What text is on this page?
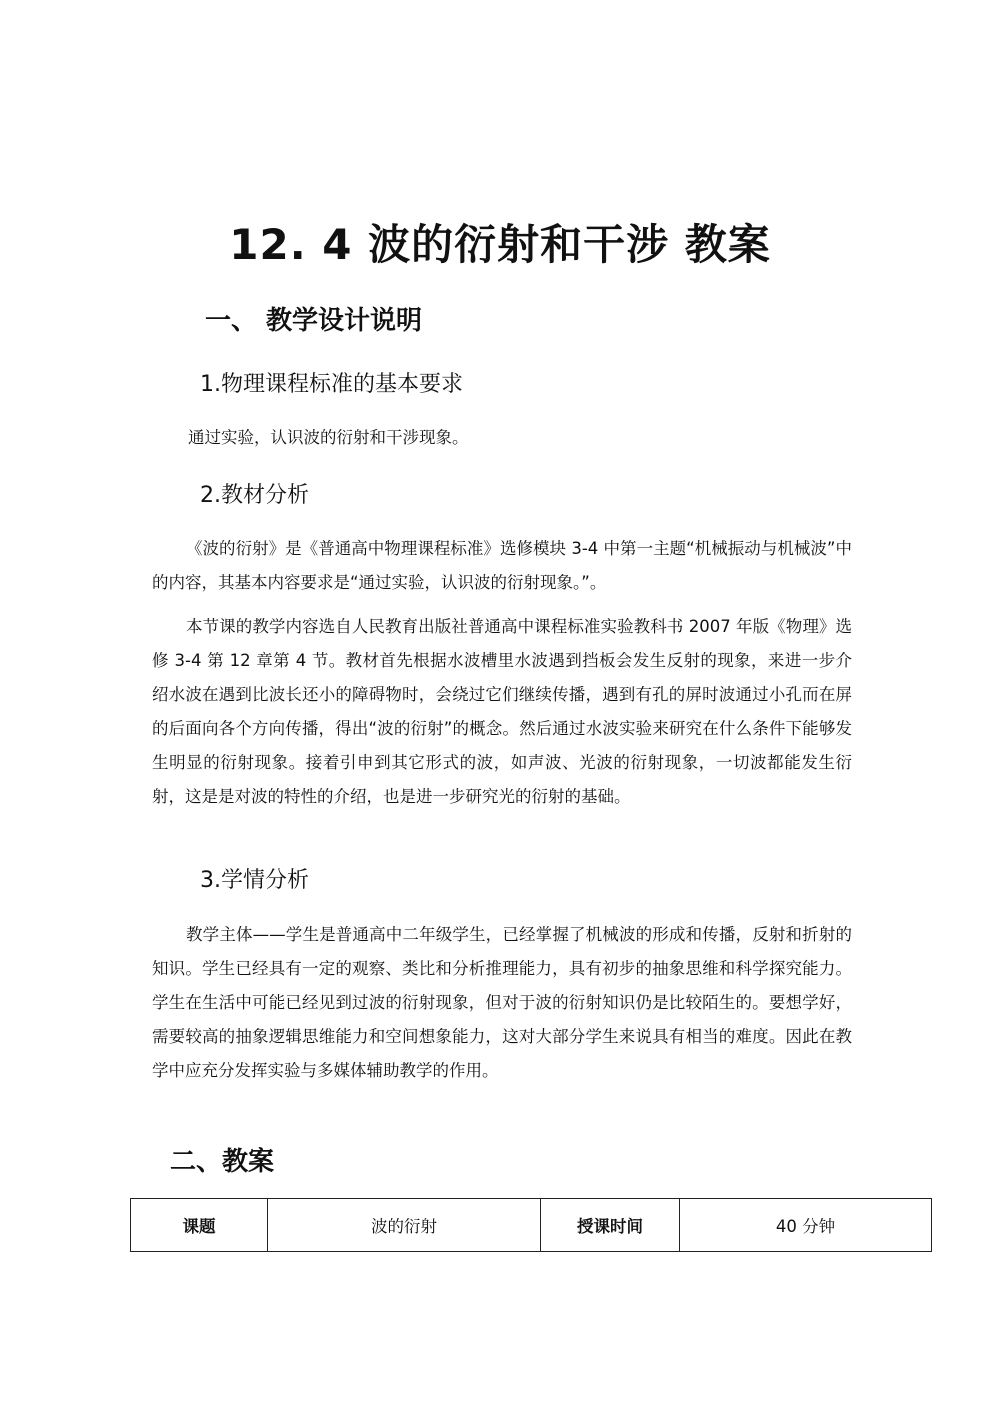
12. 4 波的衍射和干涉 教案
一、 教学设计说明
1.物理课程标准的基本要求
通过实验，认识波的衍射和干涉现象。
2.教材分析
《波的衍射》是《普通高中物理课程标准》选修模块 3-4 中第一主题“机械振动与机械波”中的内容，其基本内容要求是“通过实验，认识波的衍射现象。”。
本节课的教学内容选自人民教育出版社普通高中课程标准实验教科书 2007 年版《物理》选修 3-4 第 12 章第 4 节。教材首先根据水波槽里水波遇到挡板会发生反射的现象，来进一步介绍水波在遇到比波长还小的障碍物时，会绕过它们继续传播，遇到有孔的屏时波通过小孔而在屏的后面向各个方向传播，得出“波的衍射”的概念。然后通过水波实验来研究在什么条件下能够发生明显的衍射现象。接着引申到其它形式的波，如声波、光波的衍射现象，一切波都能发生衍射，这是是对波的特性的介绍，也是进一步研究光的衍射的基础。
3.学情分析
教学主体——学生是普通高中二年级学生，已经掌握了机械波的形成和传播，反射和折射的知识。学生已经具有一定的观察、类比和分析推理能力，具有初步的抽象思维和科学探究能力。学生在生活中可能已经见到过波的衍射现象，但对于波的衍射知识仍是比较陌生的。要想学好，需要较高的抽象逻辑思维能力和空间想象能力，这对大部分学生来说具有相当的难度。因此在教学中应充分发挥实验与多媒体辅助教学的作用。
二、教案
课题	波的衍射	授课时间	40 分钟
